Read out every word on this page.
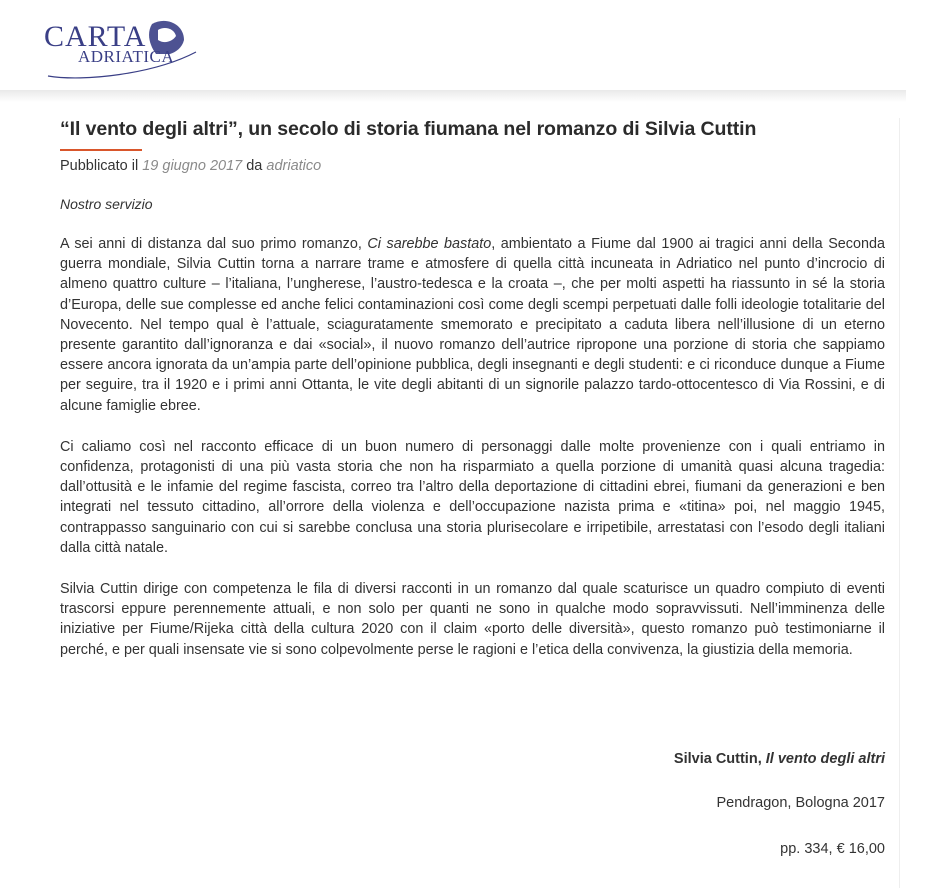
CARTA
ADRIATICA
“Il vento degli altri”, un secolo di storia fiumana nel romanzo di Silvia Cuttin
Pubblicato il 19 giugno 2017 da adriatico
Nostro servizio

A sei anni di distanza dal suo primo romanzo, Ci sarebbe bastato, ambientato a Fiume dal 1900 ai tragici anni della Seconda guerra mondiale, Silvia Cuttin torna a narrare trame e atmosfere di quella città incuneata in Adriatico nel punto d’incrocio di almeno quattro culture – l’italiana, l’ungherese, l’austro-tedesca e la croata –, che per molti aspetti ha riassunto in sé la storia d’Europa, delle sue complesse ed anche felici contaminazioni così come degli scempi perpetuati dalle folli ideologie totalitarie del Novecento. Nel tempo qual è l’attuale, sciaguratamente smemorato e precipitato a caduta libera nell’illusione di un eterno presente garantito dall’ignoranza e dai «social», il nuovo romanzo dell’autrice ripropone una porzione di storia che sappiamo essere ancora ignorata da un’ampia parte dell’opinione pubblica, degli insegnanti e degli studenti: e ci riconduce dunque a Fiume per seguire, tra il 1920 e i primi anni Ottanta, le vite degli abitanti di un signorile palazzo tardo-ottocentesco di Via Rossini, e di alcune famiglie ebree.

Ci caliamo così nel racconto efficace di un buon numero di personaggi dalle molte provenienze con i quali entriamo in confidenza, protagonisti di una più vasta storia che non ha risparmiato a quella porzione di umanità quasi alcuna tragedia: dall’ottusità e le infamie del regime fascista, correo tra l’altro della deportazione di cittadini ebrei, fiumani da generazioni e ben integrati nel tessuto cittadino, all’orrore della violenza e dell’occupazione nazista prima e «titina» poi, nel maggio 1945, contrappasso sanguinario con cui si sarebbe conclusa una storia plurisecolare e irripetibile, arrestatasi con l’esodo degli italiani dalla città natale.

Silvia Cuttin dirige con competenza le fila di diversi racconti in un romanzo dal quale scaturisce un quadro compiuto di eventi trascorsi eppure perennemente attuali, e non solo per quanti ne sono in qualche modo sopravvissuti. Nell’imminenza delle iniziative per Fiume/Rijeka città della cultura 2020 con il claim «porto delle diversità», questo romanzo può testimoniarne il perché, e per quali insensate vie si sono colpevolmente perse le ragioni e l’etica della convivenza, la giustizia della memoria.

Silvia Cuttin, Il vento degli altri
Pendragon, Bologna 2017
pp. 334, € 16,00
